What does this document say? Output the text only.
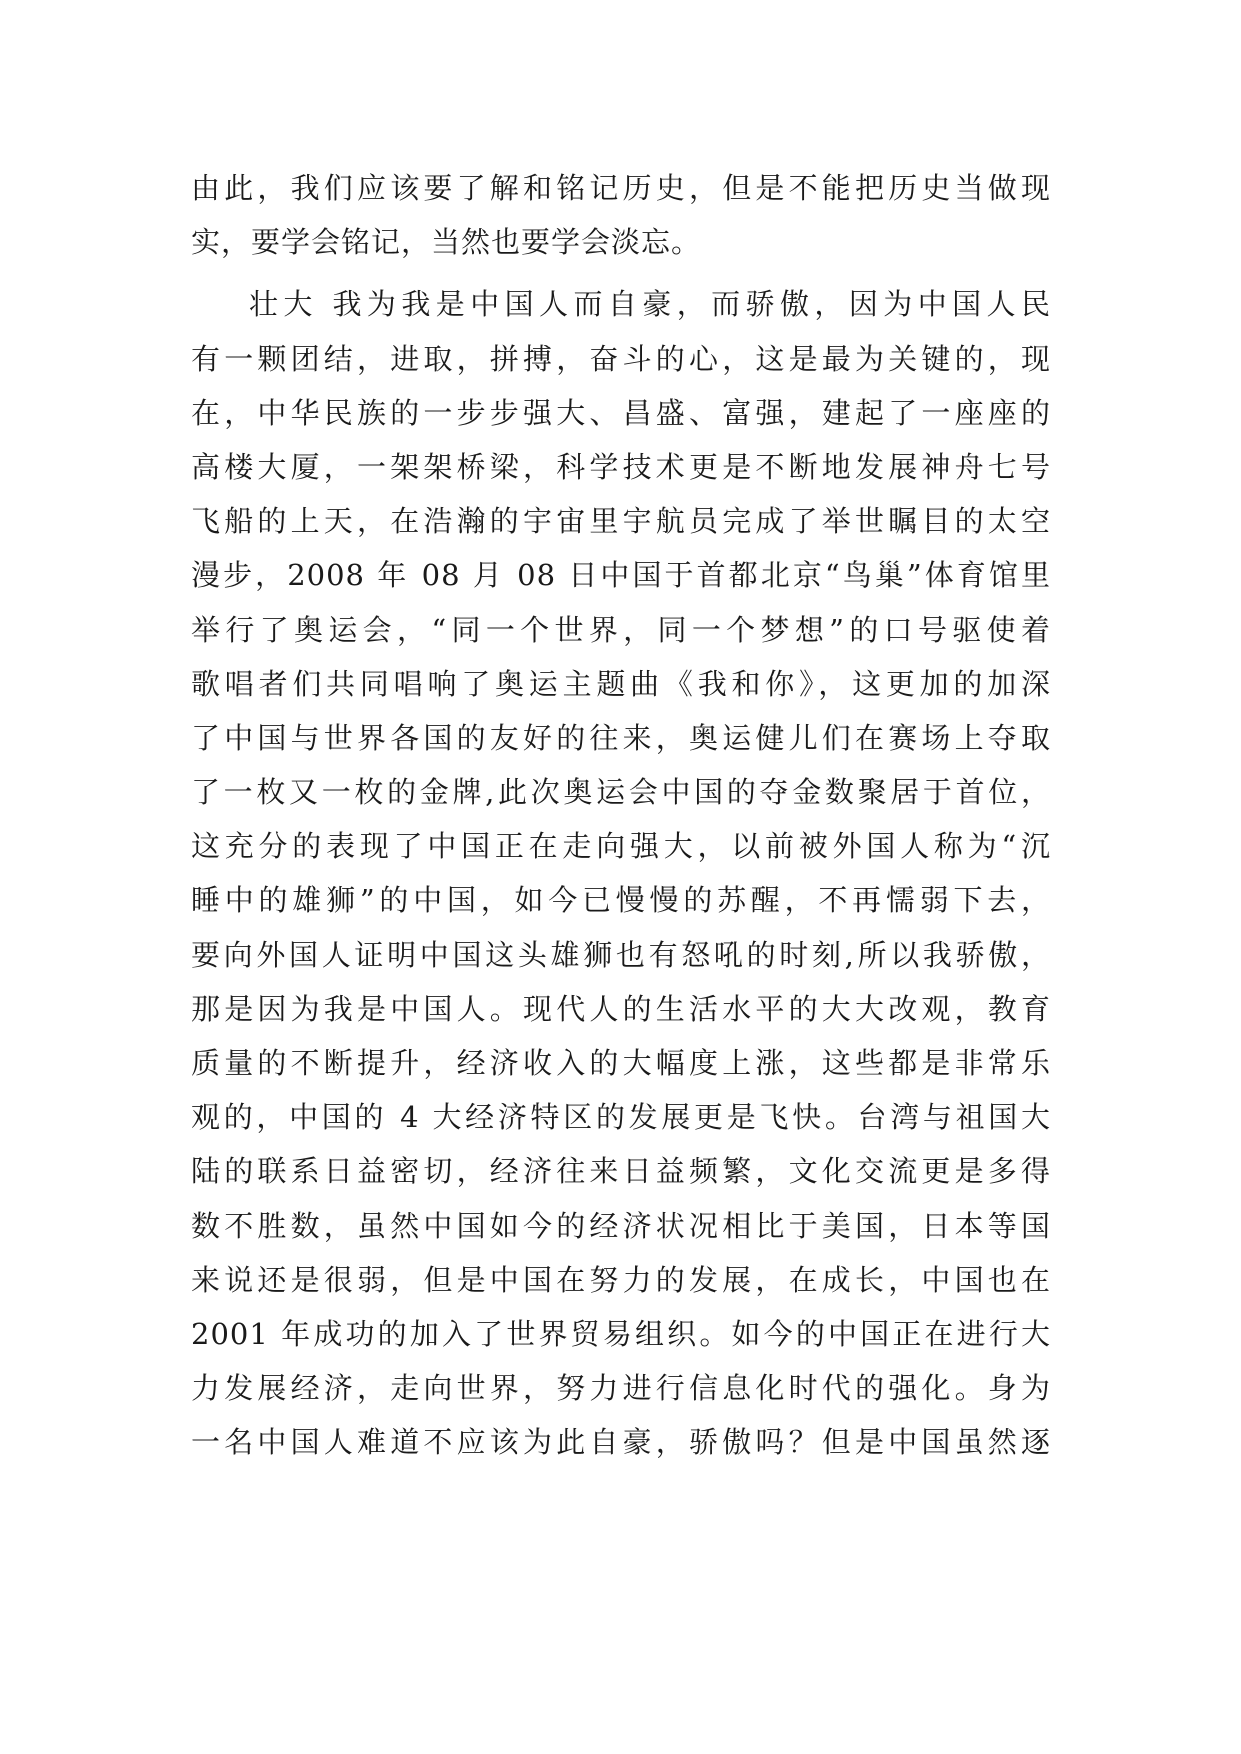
由此，我们应该要了解和铭记历史，但是不能把历史当做现
实，要学会铭记，当然也要学会淡忘。
壮大 我为我是中国人而自豪，而骄傲，因为中国人民
有一颗团结，进取，拼搏，奋斗的心，这是最为关键的，现
在，中华民族的一步步强大、昌盛、富强，建起了一座座的
高楼大厦，一架架桥梁，科学技术更是不断地发展神舟七号
飞船的上天，在浩瀚的宇宙里宇航员完成了举世瞩目的太空
漫步，2008 年 08 月 08 日中国于首都北京“鸟巢”体育馆里
举行了奥运会，“同一个世界，同一个梦想”的口号驱使着
歌唱者们共同唱响了奥运主题曲《我和你》，这更加的加深
了中国与世界各国的友好的往来，奥运健儿们在赛场上夺取
了一枚又一枚的金牌,此次奥运会中国的夺金数聚居于首位，
这充分的表现了中国正在走向强大，以前被外国人称为“沉
睡中的雄狮”的中国，如今已慢慢的苏醒，不再懦弱下去，
要向外国人证明中国这头雄狮也有怒吼的时刻,所以我骄傲，
那是因为我是中国人。现代人的生活水平的大大改观，教育
质量的不断提升，经济收入的大幅度上涨，这些都是非常乐
观的，中国的 4 大经济特区的发展更是飞快。台湾与祖国大
陆的联系日益密切，经济往来日益频繁，文化交流更是多得
数不胜数，虽然中国如今的经济状况相比于美国，日本等国
来说还是很弱，但是中国在努力的发展，在成长，中国也在
2001 年成功的加入了世界贸易组织。如今的中国正在进行大
力发展经济，走向世界，努力进行信息化时代的强化。身为
一名中国人难道不应该为此自豪，骄傲吗？但是中国虽然逐
